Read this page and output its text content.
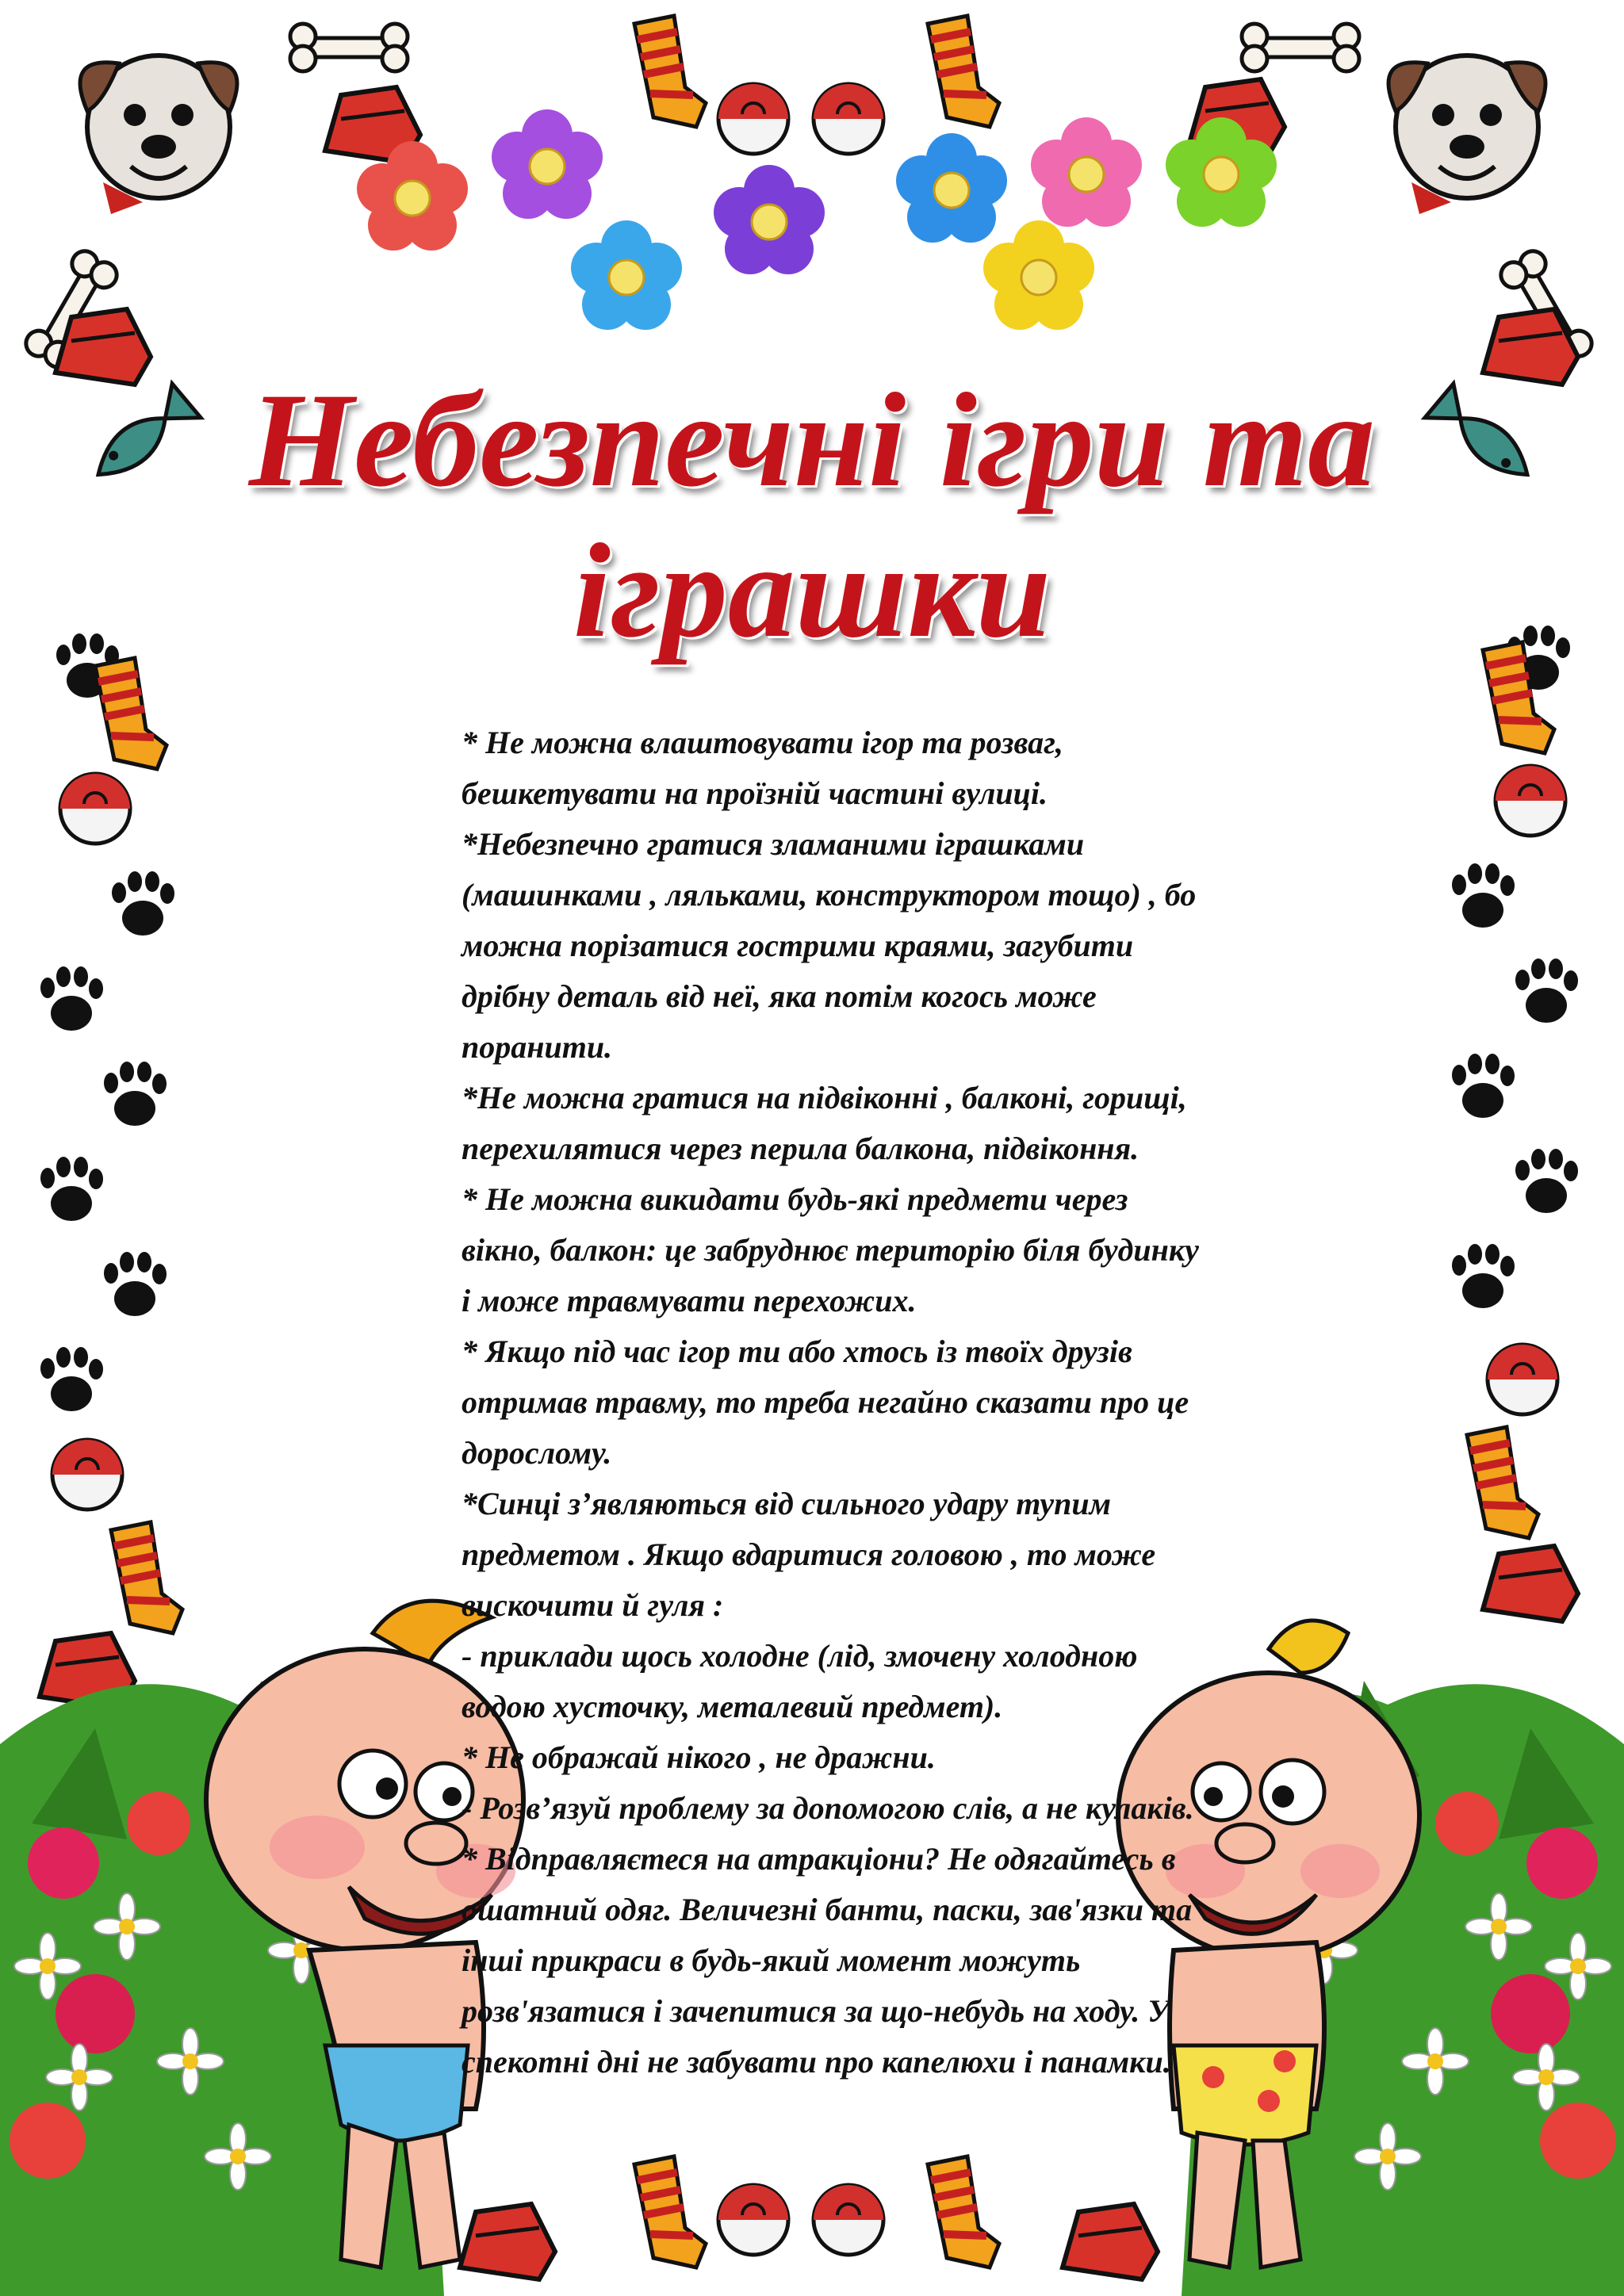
Небезпечні ігри та
іграшки
* Не можна влаштовувати ігор та розваг,
бешкетувати на проїзній частині вулиці.
*Небезпечно гратися зламаними іграшками
(машинками , ляльками, конструктором тощо) , бо
можна порізатися гострими краями, загубити
дрібну деталь від неї, яка потім когось може
поранити.
*Не можна гратися на підвіконні , балконі, горищі,
перехилятися через перила балкона, підвіконня.
* Не можна викидати будь-які предмети через
вікно, балкон: це забруднює територію біля будинку
і може травмувати перехожих.
* Якщо під час ігор ти або хтось із твоїх друзів
отримав травму, то треба негайно сказати про це
дорослому.
*Синці з’являються від сильного удару тупим
предметом . Якщо вдаритися головою , то може
вискочити й гуля :
- приклади щось холодне (лід, змочену холодною
водою хусточку, металевий предмет).
* Не ображай нікого , не дражни.
- Розв’язуй проблему за допомогою слів, а не кулаків.
* Відправляєтеся на атракціони? Не одягайтесь в
ошатний одяг. Величезні банти, паски, зав'язки та
інші прикраси в будь-який момент можуть
розв'язатися і зачепитися за що-небудь на ходу. У
спекотні дні не забувати про капелюхи і панамки.
